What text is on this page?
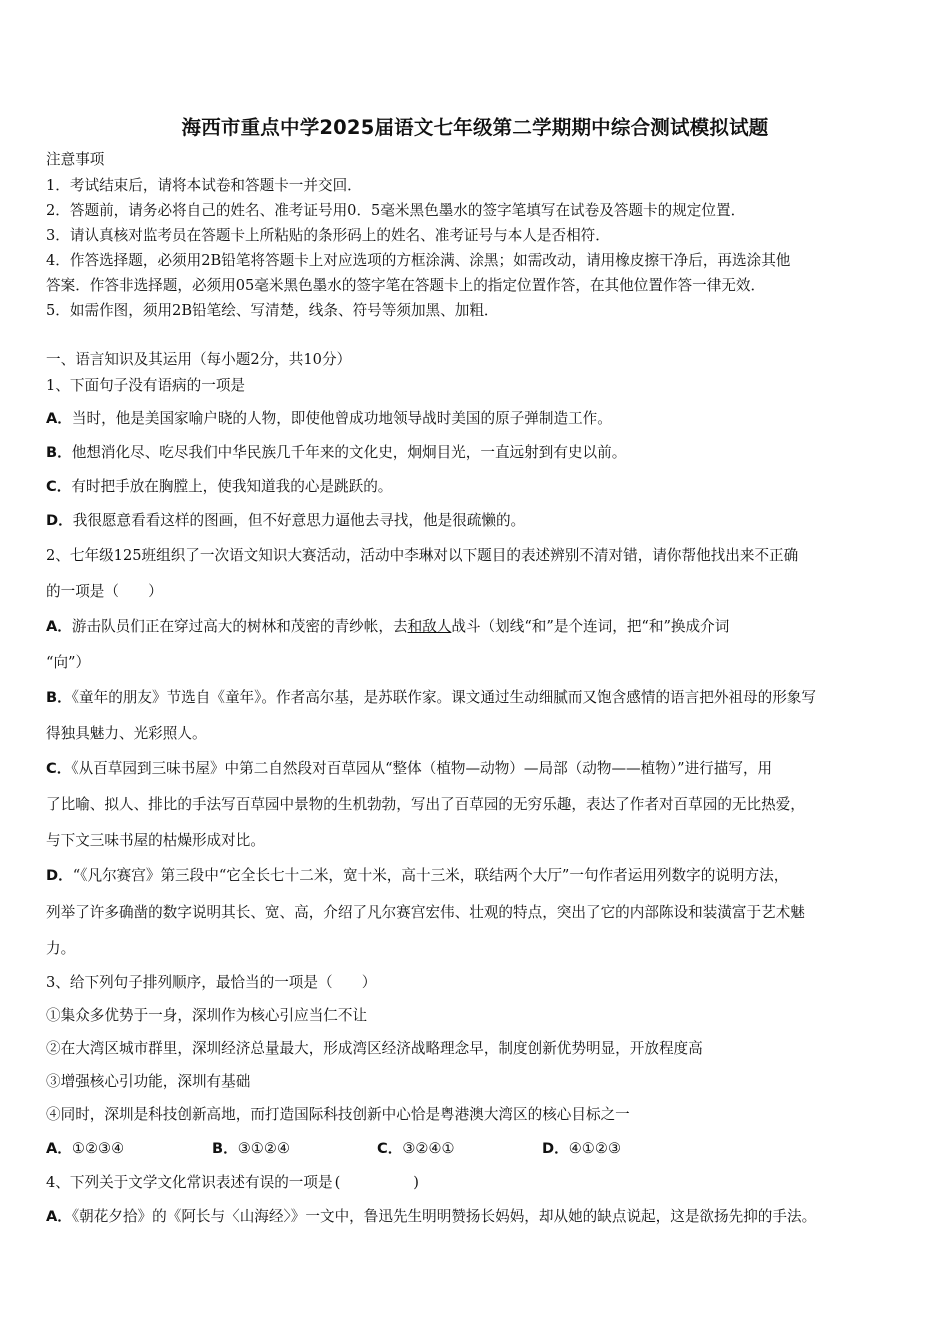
海西市重点中学2025届语文七年级第二学期期中综合测试模拟试题
注意事项
1．考试结束后，请将本试卷和答题卡一并交回．
2．答题前，请务必将自己的姓名、准考证号用0．5毫米黑色墨水的签字笔填写在试卷及答题卡的规定位置．
3．请认真核对监考员在答题卡上所粘贴的条形码上的姓名、准考证号与本人是否相符．
4．作答选择题，必须用2B铅笔将答题卡上对应选项的方框涂满、涂黑；如需改动，请用橡皮擦干净后，再选涂其他
答案．作答非选择题，必须用05毫米黑色墨水的签字笔在答题卡上的指定位置作答，在其他位置作答一律无效．
5．如需作图，须用2B铅笔绘、写清楚，线条、符号等须加黑、加粗．
一、语言知识及其运用（每小题2分，共10分）
1、下面句子没有语病的一项是
A．当时，他是美国家喻户晓的人物，即使他曾成功地领导战时美国的原子弹制造工作。
B．他想消化尽、吃尽我们中华民族几千年来的文化史，炯炯目光，一直远射到有史以前。
C．有时把手放在胸膛上，使我知道我的心是跳跃的。
D．我很愿意看看这样的图画，但不好意思力逼他去寻找，他是很疏懒的。
2、七年级125班组织了一次语文知识大赛活动，活动中李琳对以下题目的表述辨别不清对错，请你帮他找出来不正确
的一项是（　　）
A．游击队员们正在穿过高大的树林和茂密的青纱帐，去和敌人战斗（划线“和”是个连词，把“和”换成介词
“向”）
B．《童年的朋友》节选自《童年》。作者高尔基，是苏联作家。课文通过生动细腻而又饱含感情的语言把外祖母的形象写
得独具魅力、光彩照人。
C．《从百草园到三味书屋》中第二自然段对百草园从“整体（植物—动物）—局部（动物——植物）”进行描写，用
了比喻、拟人、排比的手法写百草园中景物的生机勃勃，写出了百草园的无穷乐趣，表达了作者对百草园的无比热爱，
与下文三味书屋的枯燥形成对比。
D．“《凡尔赛宫》第三段中“它全长七十二米，宽十米，高十三米，联结两个大厅”一句作者运用列数字的说明方法，
列举了许多确凿的数字说明其长、宽、高，介绍了凡尔赛宫宏伟、壮观的特点，突出了它的内部陈设和装潢富于艺术魅
力。
3、给下列句子排列顺序，最恰当的一项是（　　）
①集众多优势于一身，深圳作为核心引应当仁不让
②在大湾区城市群里，深圳经济总量最大，形成湾区经济战略理念早，制度创新优势明显，开放程度高
③增强核心引功能，深圳有基础
④同时，深圳是科技创新高地，而打造国际科技创新中心恰是粤港澳大湾区的核心目标之一
A．①②③④	B．③①②④	C．③②④①	D．④①②③
4、下列关于文学文化常识表述有误的一项是 (　　　　　)
A．《朝花夕拾》的《阿长与〈山海经〉》一文中，鲁迅先生明明赞扬长妈妈，却从她的缺点说起，这是欲扬先抑的手法。
